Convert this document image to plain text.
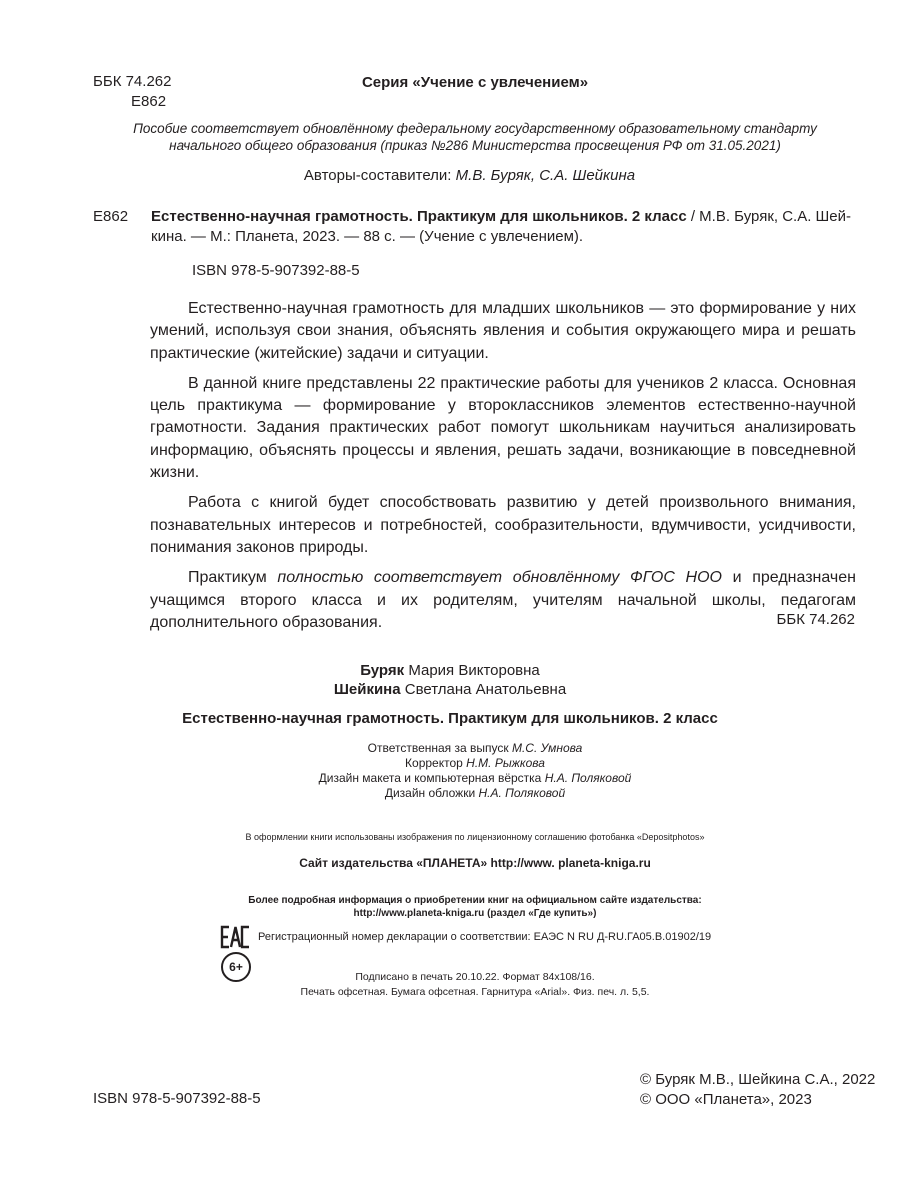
ББК 74.262
Е862
Серия «Учение с увлечением»
Пособие соответствует обновлённому федеральному государственному образовательному стандарту
начального общего образования (приказ №286 Министерства просвещения РФ от 31.05.2021)
Авторы-составители: М.В. Буряк, С.А. Шейкина
Е862 Естественно-научная грамотность. Практикум для школьников. 2 класс / М.В. Буряк, С.А. Шей-
кина. — М.: Планета, 2023. — 88 с. — (Учение с увлечением).
ISBN 978-5-907392-88-5

Естественно-научная грамотность для младших школьников — это формирование у них умений, используя свои знания, объяснять явления и события окружающего мира и решать практические (житейские) задачи и ситуации.

В данной книге представлены 22 практические работы для учеников 2 класса. Основная цель практикума — формирование у второклассников элементов естественно-научной грамотности. Задания практических работ помогут школьникам научиться анализировать информацию, объяснять процессы и явления, решать задачи, возникающие в повседневной жизни.

Работа с книгой будет способствовать развитию у детей произвольного внимания, познавательных интересов и потребностей, сообразительности, вдумчивости, усидчивости, понимания законов природы.

Практикум полностью соответствует обновлённому ФГОС НОО и предназначен учащимся второго класса и их родителям, учителям начальной школы, педагогам дополнительного образования.	ББК 74.262
Буряк Мария Викторовна
Шейкина Светлана Анатольевна
Естественно-научная грамотность. Практикум для школьников. 2 класс
Ответственная за выпуск М.С. Умнова
Корректор Н.М. Рыжкова
Дизайн макета и компьютерная вёрстка Н.А. Поляковой
Дизайн обложки Н.А. Поляковой
В оформлении книги использованы изображения по лицензионному соглашению фотобанка «Depositphotos»
Сайт издательства «ПЛАНЕТА» http://www. planeta-kniga.ru
Более подробная информация о приобретении книг на официальном сайте издательства:
http://www.planeta-kniga.ru (раздел «Где купить»)
Регистрационный номер декларации о соответствии: ЕАЭС N RU Д-RU.ГА05.В.01902/19
6+
Подписано в печать 20.10.22. Формат 84x108/16.
Печать офсетная. Бумага офсетная. Гарнитура «Arial». Физ. печ. л. 5,5.
ISBN 978-5-907392-88-5
© Буряк М.В., Шейкина С.А., 2022
© ООО «Планета», 2023
